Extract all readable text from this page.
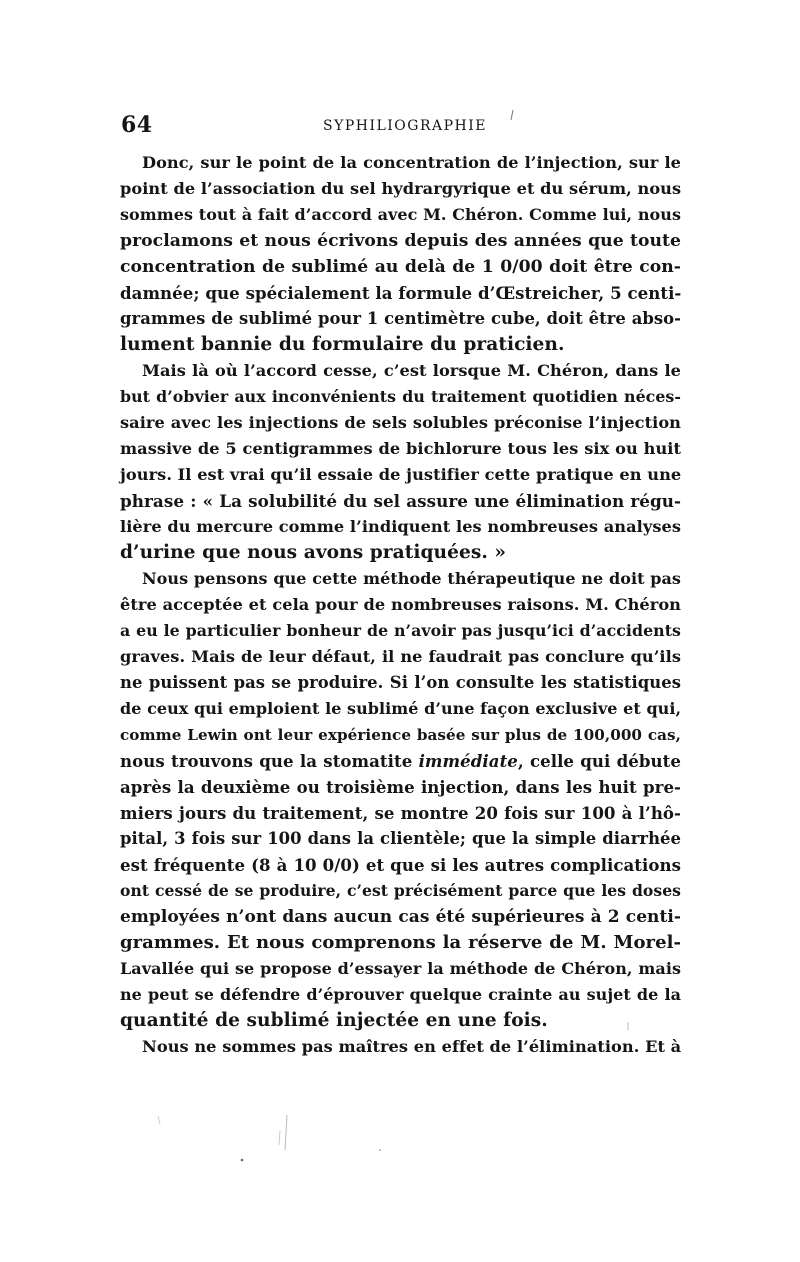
64	SYPHILIOGRAPHIE
Donc, sur le point de la concentration de l’injection, sur le
point de l’association du sel hydrargyrique et du sérum, nous
sommes tout à fait d’accord avec M. Chéron. Comme lui, nous
proclamons et nous écrivons depuis des années que toute
concentration de sublimé au delà de 1 0/00 doit être con-
damnée; que spécialement la formule d’Œstreicher, 5 centi-
grammes de sublimé pour 1 centimètre cube, doit être abso-
lument bannie du formulaire du praticien.
Mais là où l’accord cesse, c’est lorsque M. Chéron, dans le
but d’obvier aux inconvénients du traitement quotidien néces-
saire avec les injections de sels solubles préconise l’injection
massive de 5 centigrammes de bichlorure tous les six ou huit
jours. Il est vrai qu’il essaie de justifier cette pratique en une
phrase : « La solubilité du sel assure une élimination régu-
lière du mercure comme l’indiquent les nombreuses analyses
d’urine que nous avons pratiquées. »
Nous pensons que cette méthode thérapeutique ne doit pas
être acceptée et cela pour de nombreuses raisons. M. Chéron
a eu le particulier bonheur de n’avoir pas jusqu’ici d’accidents
graves. Mais de leur défaut, il ne faudrait pas conclure qu’ils
ne puissent pas se produire. Si l’on consulte les statistiques
de ceux qui emploient le sublimé d’une façon exclusive et qui,
comme Lewin ont leur expérience basée sur plus de 100,000 cas,
nous trouvons que la stomatite immédiate, celle qui débute
après la deuxième ou troisième injection, dans les huit pre-
miers jours du traitement, se montre 20 fois sur 100 à l’hô-
pital, 3 fois sur 100 dans la clientèle; que la simple diarrhée
est fréquente (8 à 10 0/0) et que si les autres complications
ont cessé de se produire, c’est précisément parce que les doses
employées n’ont dans aucun cas été supérieures à 2 centi-
grammes. Et nous comprenons la réserve de M. Morel-
Lavallée qui se propose d’essayer la méthode de Chéron, mais
ne peut se défendre d’éprouver quelque crainte au sujet de la
quantité de sublimé injectée en une fois.
Nous ne sommes pas maîtres en effet de l’élimination. Et à
